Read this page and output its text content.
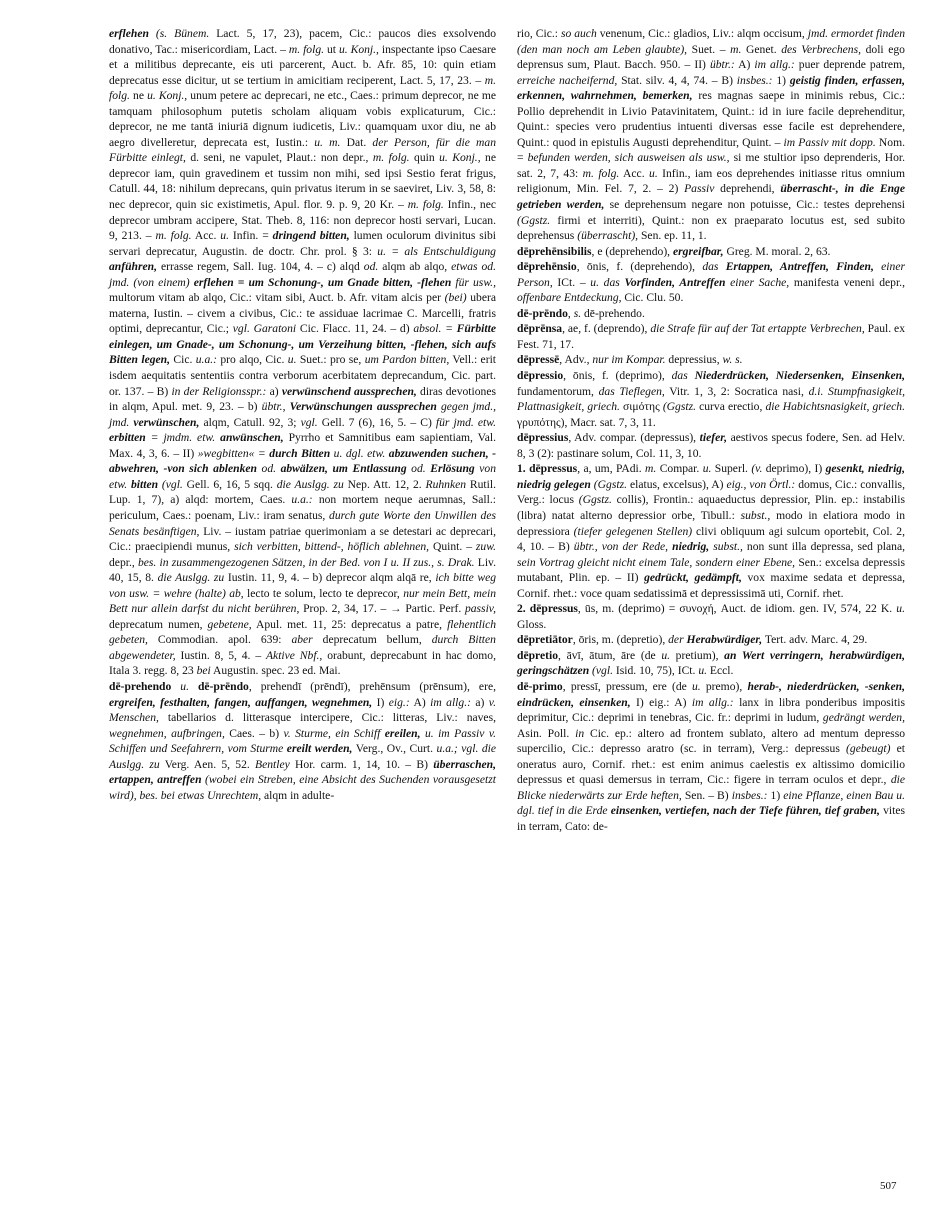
erflehen (s. Bünem. Lact. 5, 17, 23), pacem, Cic.: paucos dies exsolvendo donativo, Tac.: misericordiam, Lact. – m. folg. ut u. Konj., inspectante ipso Caesare et a militibus deprecante, eis uti parcerent, Auct. b. Afr. 85, 10: quin etiam deprecatus esse dicitur, ut se tertium in amicitiam reciperent, Lact. 5, 17, 23. – m. folg. ne u. Konj., unum petere ac deprecari, ne etc., Caes.: primum deprecor, ne me tamquam philosophum putetis scholam aliquam vobis explicaturum, Cic.: deprecor, ne me tantā iniuriā dignum iudicetis, Liv.: quamquam uxor diu, ne ab aegro divelleretur, deprecata est, Iustin.: u. m. Dat. der Person, für die man Fürbitte einlegt, d. seni, ne vapulet, Plaut.: non depr., m. folg. quin u. Konj., ne deprecor iam, quin gravedinem et tussim non mihi, sed ipsi Sestio ferat frigus, Catull. 44, 18: nihilum deprecans, quin privatus iterum in se saeviret, Liv. 3, 58, 8: nec deprecor, quin sic existimetis, Apul. flor. 9. p. 9, 20 Kr. – m. folg. Infin., nec deprecor umbram accipere, Stat. Theb. 8, 116: non deprecor hosti servari, Lucan. 9, 213. – m. folg. Acc. u. Infin. = dringend bitten, lumen oculorum divinitus sibi servari deprecatur, Augustin. de doctr. Chr. prol. § 3: u. = als Entschuldigung anführen, errasse regem, Sall. Iug. 104, 4. – c) alqd od. alqm ab alqo, etwas od. jmd. (von einem) erflehen = um Schonung-, um Gnade bitten, -flehen für usw., multorum vitam ab alqo, Cic.: vitam sibi, Auct. b. Afr. vitam alcis per (bei) ubera materna, Iustin. – civem a civibus, Cic.: te assiduae lacrimae C. Marcelli, fratris optimi, deprecantur, Cic.; vgl. Garatoni Cic. Flacc. 11, 24. – d) absol. = Fürbitte einlegen, um Gnade-, um Schonung-, um Verzeihung bitten, -flehen, sich aufs Bitten legen, Cic. u.a.: pro alqo, Cic. u. Suet.: pro se, um Pardon bitten, Vell.: erit isdem aequitatis sententiis contra verborum acerbitatem deprecandum, Cic. part. or. 137. – B) in der Religionsspr.: a) verwünschend aussprechen, diras devotiones in alqm, Apul. met. 9, 23. – b) übtr., Verwünschungen aussprechen gegen jmd., jmd. verwünschen, alqm, Catull. 92, 3; vgl. Gell. 7 (6), 16, 5. – C) für jmd. etw. erbitten = jmdm. etw. anwünschen, Pyrrho et Samnitibus eam sapientiam, Val. Max. 4, 3, 6. – II) »wegbitten« = durch Bitten u. dgl. etw. abzuwenden suchen, -abwehren, -von sich ablenken od. abwälzen, um Entlassung od. Erlösung von etw. bitten (vgl. Gell. 6, 16, 5 sqq. die Auslgg. zu Nep. Att. 12, 2. Ruhnken Rutil. Lup. 1, 7), a) alqd: mortem, Caes. u.a.: non mortem neque aerumnas, Sall.: periculum, Caes.: poenam, Liv.: iram senatus, durch gute Worte den Unwillen des Senats besänftigen, Liv. – iustam patriae querimoniam a se detestari ac deprecari, Cic.: praecipiendi munus, sich verbitten, bittend-, höflich ablehnen, Quint. – zuw. depr., bes. in zusammengezogenen Sätzen, in der Bed. von I u. II zus., s. Drak. Liv. 40, 15, 8. die Auslgg. zu Iustin. 11, 9, 4. – b) deprecor alqm alqā re, ich bitte weg von usw. = wehre (halte) ab, lecto te solum, lecto te deprecor, nur mein Bett, mein Bett nur allein darfst du nicht berühren, Prop. 2, 34, 17. – → Partic. Perf. passiv, deprecatum numen, gebetene, Apul. met. 11, 25: deprecatus a patre, flehentlich gebeten, Commodian. apol. 639: aber deprecatum bellum, durch Bitten abgewendeter, Iustin. 8, 5, 4. – Aktive Nbf., orabunt, deprecabunt in hac domo, Itala 3. regg. 8, 23 bei Augustin. spec. 23 ed. Mai.

dē-prehendo u. dē-prēndo, prehendī (prēndī), prehēnsum (prēnsum), ere, ergreifen, festhalten, fangen, auffangen, wegnehmen, I) eig.: A) im allg.: a) v. Menschen, tabellarios d. litterasque intercipere, Cic.: litteras, Liv.: naves, wegnehmen, aufbringen, Caes. – b) v. Sturme, ein Schiff ereilen, u. im Passiv v. Schiffen und Seefahrern, vom Sturme ereilt werden, Verg., Ov., Curt. u.a.; vgl. die Auslgg. zu Verg. Aen. 5, 52. Bentley Hor. carm. 1, 14, 10. – B) überraschen, ertappen, antreffen (wobei ein Streben, eine Absicht des Suchenden vorausgesetzt wird), bes. bei etwas Unrechtem, alqm in adulte-

rio, Cic.: so auch venenum, Cic.: gladios, Liv.: alqm occisum, jmd. ermordet finden (den man noch am Leben glaubte), Suet. – m. Genet. des Verbrechens, doli ego deprensus sum, Plaut. Bacch. 950. – II) übtr.: A) im allg.: puer deprende patrem, erreiche nacheifernd, Stat. silv. 4, 4, 74. – B) insbes.: 1) geistig finden, erfassen, erkennen, wahrnehmen, bemerken, res magnas saepe in minimis rebus, Cic.: Pollio deprehendit in Livio Patavinitatem, Quint.: id in iure facile deprehenditur, Quint.: species vero prudentius intuenti diversas esse facile est deprehendere, Quint.: quod in epistulis Augusti deprehenditur, Quint. – im Passiv mit dopp. Nom. = befunden werden, sich ausweisen als usw., si me stultior ipso deprenderis, Hor. sat. 2, 7, 43: m. folg. Acc. u. Infin., iam eos deprehendes initiasse ritus omnium religionum, Min. Fel. 7, 2. – 2) Passiv deprehendi, überrascht-, in die Enge getrieben werden, se deprehensum negare non potuisse, Cic.: testes deprehensi (Ggstz. firmi et interriti), Quint.: non ex praeparato locutus est, sed subito deprehensus (überrascht), Sen. ep. 11, 1.

dēprehēnsibilis, e (deprehendo), ergreifbar, Greg. M. moral. 2, 63.

dēprehēnsio, ōnis, f. (deprehendo), das Ertappen, Antreffen, Finden, einer Person, ICt. – u. das Vorfinden, Antreffen einer Sache, manifesta veneni depr., offenbare Entdeckung, Cic. Clu. 50.

dē-prēndo, s. dē-prehendo.

dēprēnsa, ae, f. (deprendo), die Strafe für auf der Tat ertappte Verbrechen, Paul. ex Fest. 71, 17.

dēpressē, Adv., nur im Kompar. depressius, w. s.

dēpressio, ōnis, f. (deprimo), das Niederdrücken, Niedersenken, Einsenken, fundamentorum, das Tieflegen, Vitr. 1, 3, 2: Socratica nasi, d.i. Stumpfnasigkeit, Plattnasigkeit, griech. σιμότης (Ggstz. curva erectio, die Habichtsnasigkeit, griech. γρυπότης), Macr. sat. 7, 3, 11.

dēpressius, Adv. compar. (depressus), tiefer, aestivos specus fodere, Sen. ad Helv. 8, 3 (2): pastinare solum, Col. 11, 3, 10.

1. dēpressus, a, um, PAdi. m. Compar. u. Superl. (v. deprimo), I) gesenkt, niedrig, niedrig gelegen (Ggstz. elatus, excelsus), A) eig., von Örtl.: domus, Cic.: convallis, Verg.: locus (Ggstz. collis), Frontin.: aquaeductus depressior, Plin. ep.: instabilis (libra) natat alterno depressior orbe, Tibull.: subst., modo in elatiora modo in depressiora (tiefer gelegenen Stellen) clivi obliquum agi sulcum oportebit, Col. 2, 4, 10. – B) übtr., von der Rede, niedrig, subst., non sunt illa depressa, sed plana, sein Vortrag gleicht nicht einem Tale, sondern einer Ebene, Sen.: excelsa depressis mutabant, Plin. ep. – II) gedrückt, gedämpft, vox maxime sedata et depressa, Cornif. rhet.: voce quam sedatissimā et depressissimā uti, Cornif. rhet.

2. dēpressus, ūs, m. (deprimo) = συνοχή, Auct. de idiom. gen. IV, 574, 22 K. u. Gloss.

dēpretiātor, ōris, m. (depretio), der Herabwürdiger, Tert. adv. Marc. 4, 29.

dēpretio, āvī, ātum, āre (de u. pretium), an Wert verringern, herabwürdigen, geringschätzen (vgl. Isid. 10, 75), ICt. u. Eccl.

dē-primo, pressī, pressum, ere (de u. premo), herab-, niederdrücken, -senken, eindrücken, einsenken, I) eig.: A) im allg.: lanx in libra ponderibus impositis deprimitur, Cic.: deprimi in tenebras, Cic. fr.: deprimi in ludum, gedrängt werden, Asin. Poll. in Cic. ep.: altero ad frontem sublato, altero ad mentum depresso supercilio, Cic.: depresso aratro (sc. in terram), Verg.: depressus (gebeugt) et oneratus auro, Cornif. rhet.: est enim animus caelestis ex altissimo domicilio depressus et quasi demersus in terram, Cic.: figere in terram oculos et depr., die Blicke niederwärts zur Erde heften, Sen. – B) insbes.: 1) eine Pflanze, einen Bau u. dgl. tief in die Erde einsenken, vertiefen, nach der Tiefe führen, tief graben, vites in terram, Cato: de-

507
